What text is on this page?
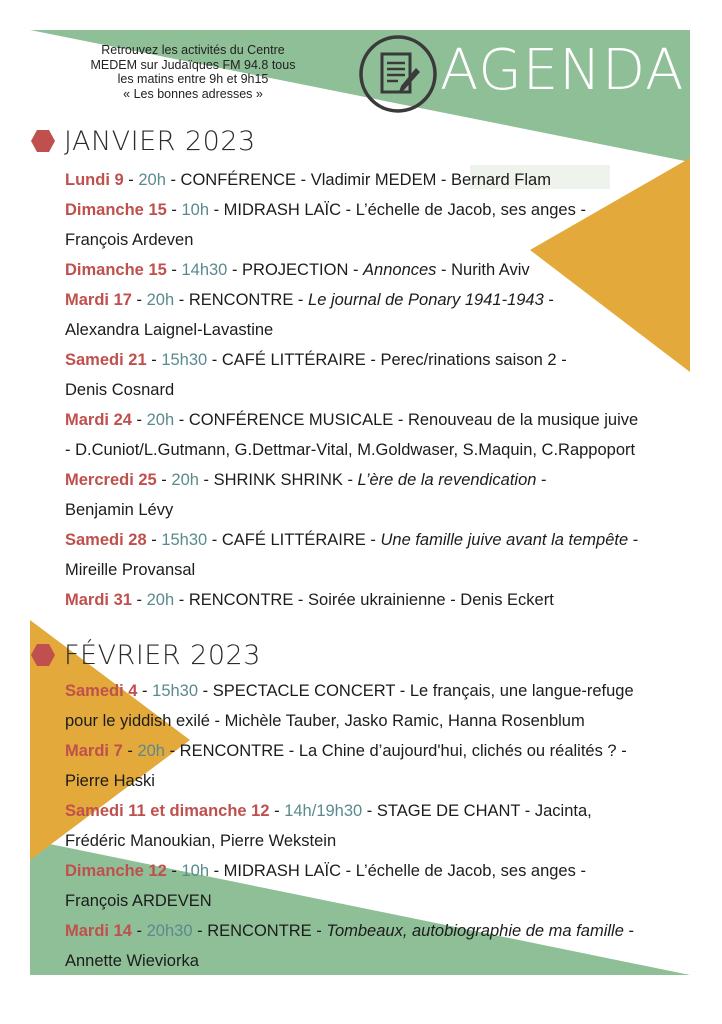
Retrouvez les activités du Centre
MEDEM sur Judaïques FM 94.8 tous
les matins entre 9h et 9h15
« Les bonnes adresses »	AGENDA
JANVIER 2023
Lundi 9 - 20h - CONFÉRENCE - Vladimir MEDEM - Bernard Flam
Dimanche 15 - 10h - MIDRASH LAÏC - L’échelle de Jacob, ses anges -
François Ardeven
Dimanche 15 - 14h30 - PROJECTION - Annonces - Nurith Aviv
Mardi 17 - 20h - RENCONTRE - Le journal de Ponary 1941-1943 -
Alexandra Laignel-Lavastine
Samedi 21 - 15h30 - CAFÉ LITTÉRAIRE - Perec/rinations saison 2 -
Denis Cosnard
Mardi 24 - 20h - CONFÉRENCE MUSICALE - Renouveau de la musique juive
- D.Cuniot/L.Gutmann, G.Dettmar-Vital, M.Goldwaser, S.Maquin, C.Rappoport
Mercredi 25 - 20h - SHRINK SHRINK - L’ère de la revendication -
Benjamin Lévy
Samedi 28 - 15h30 - CAFÉ LITTÉRAIRE - Une famille juive avant la tempête -
Mireille Provansal
Mardi 31 - 20h - RENCONTRE - Soirée ukrainienne - Denis Eckert
FÉVRIER 2023
Samedi 4 - 15h30 - SPECTACLE CONCERT - Le français, une langue-refuge
pour le yiddish exilé - Michèle Tauber, Jasko Ramic, Hanna Rosenblum
Mardi 7 - 20h - RENCONTRE - La Chine d’aujourd'hui, clichés ou réalités ? -
Pierre Haski
Samedi 11 et dimanche 12 - 14h/19h30 - STAGE DE CHANT - Jacinta,
Frédéric Manoukian, Pierre Wekstein
Dimanche 12 - 10h - MIDRASH LAÏC - L’échelle de Jacob, ses anges -
François ARDEVEN
Mardi 14 - 20h30 - RENCONTRE - Tombeaux, autobiographie de ma famille -
Annette Wieviorka
